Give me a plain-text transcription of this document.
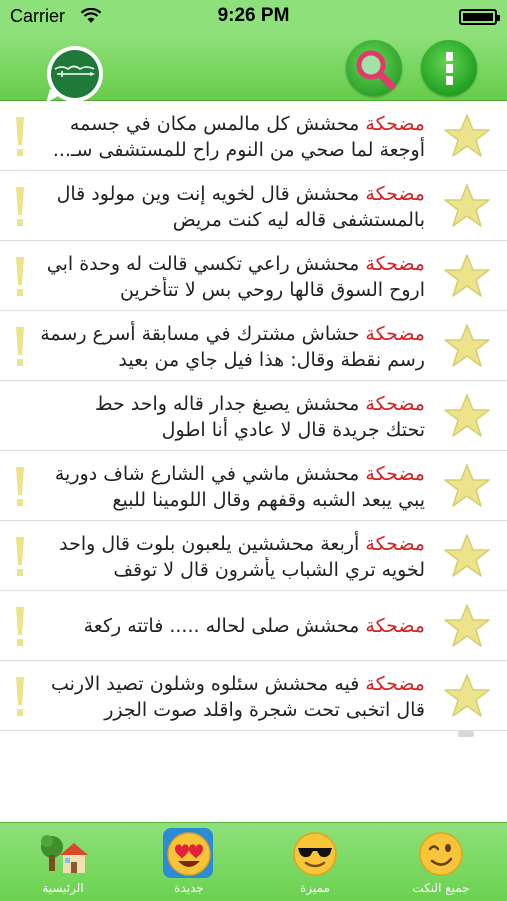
Carrier	9:26 PM
مضحكة محشش كل مالمس مكان في جسمه
أوجعة لما صحي من النوم راح للمستشفى سـ...
مضحكة محشش قال لخويه إنت وين مولود قال
بالمستشفى قاله ليه كنت مريض
مضحكة محشش راعي تكسي قالت له وحدة ابي
اروح السوق قالها روحي بس لا تتأخرين
مضحكة حشاش مشترك في مسابقة أسرع رسمة
رسم نقطة وقال: هذا فيل جاي من بعيد
مضحكة محشش يصبغ جدار قاله واحد حط
تحتك جريدة قال لا عادي أنا اطول
مضحكة محشش ماشي في الشارع شاف دورية
يبي يبعد الشبه وقفهم وقال اللومينا للبيع
مضحكة أربعة محششين يلعبون بلوت قال واحد
لخويه تري الشباب يأشرون قال لا توقف
مضحكة محشش صلى لحاله ..... فاتته ركعة
مضحكة فيه محشش سئلوه وشلون تصيد الارنب
قال اتخبى تحت شجرة واقلد صوت الجزر
الرئيسية	جديدة	مميزة	جميع النكت
